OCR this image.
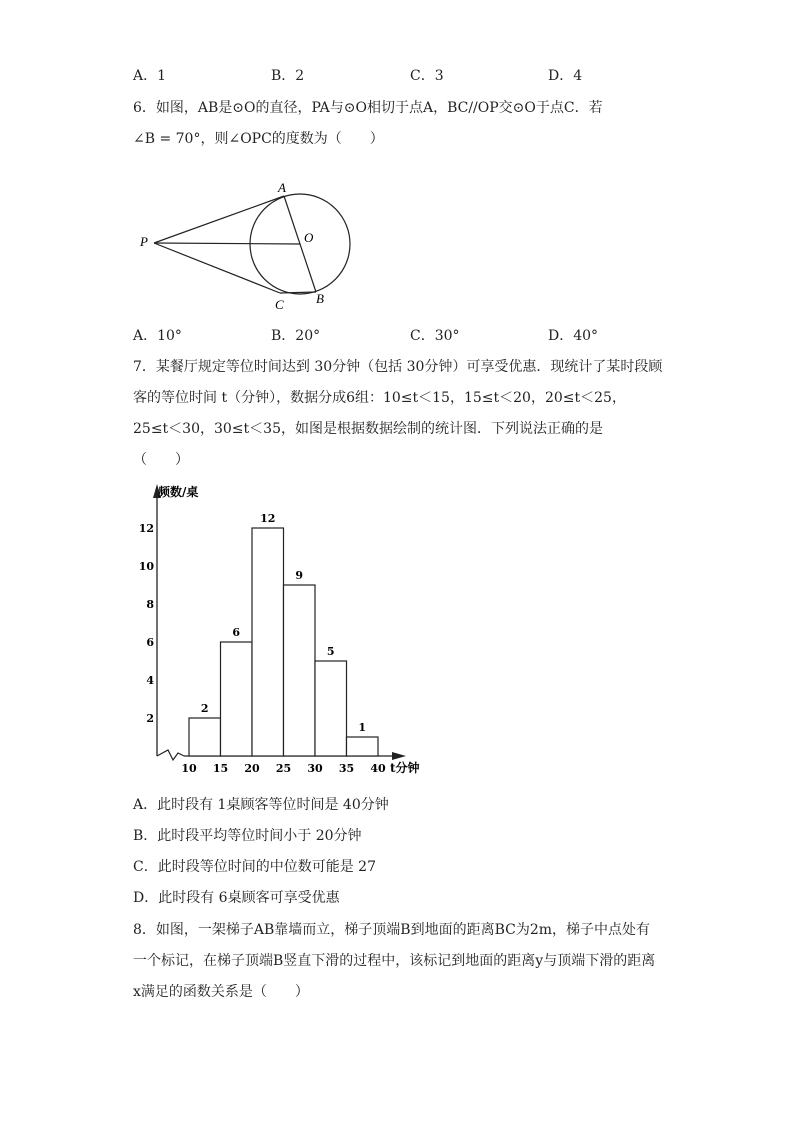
A．1	B．2	C．3	D．4
6．如图，AB是⊙O的直径，PA与⊙O相切于点A，BC//OP交⊙O于点C．若
∠B = 70°，则∠OPC的度数为（　　）
A
O
P
C B
A．10°	B．20°	C．30°	D．40°
7．某餐厅规定等位时间达到 30分钟（包括 30分钟）可享受优惠．现统计了某时段顾
客的等位时间 t（分钟），数据分成6组：10≤t＜15，15≤t＜20，20≤t＜25，
25≤t＜30，30≤t＜35，如图是根据数据绘制的统计图．下列说法正确的是
（　　）
频数/桌
t分钟
2
4
6
8
10
12
10 15 20 25 30 35 40
2
6
12
9
5
1
A．此时段有 1桌顾客等位时间是 40分钟
B．此时段平均等位时间小于 20分钟
C．此时段等位时间的中位数可能是 27
D．此时段有 6桌顾客可享受优惠
8．如图，一架梯子AB靠墙而立，梯子顶端B到地面的距离BC为2m，梯子中点处有
一个标记，在梯子顶端B竖直下滑的过程中，该标记到地面的距离y与顶端下滑的距离
x满足的函数关系是（　　）
